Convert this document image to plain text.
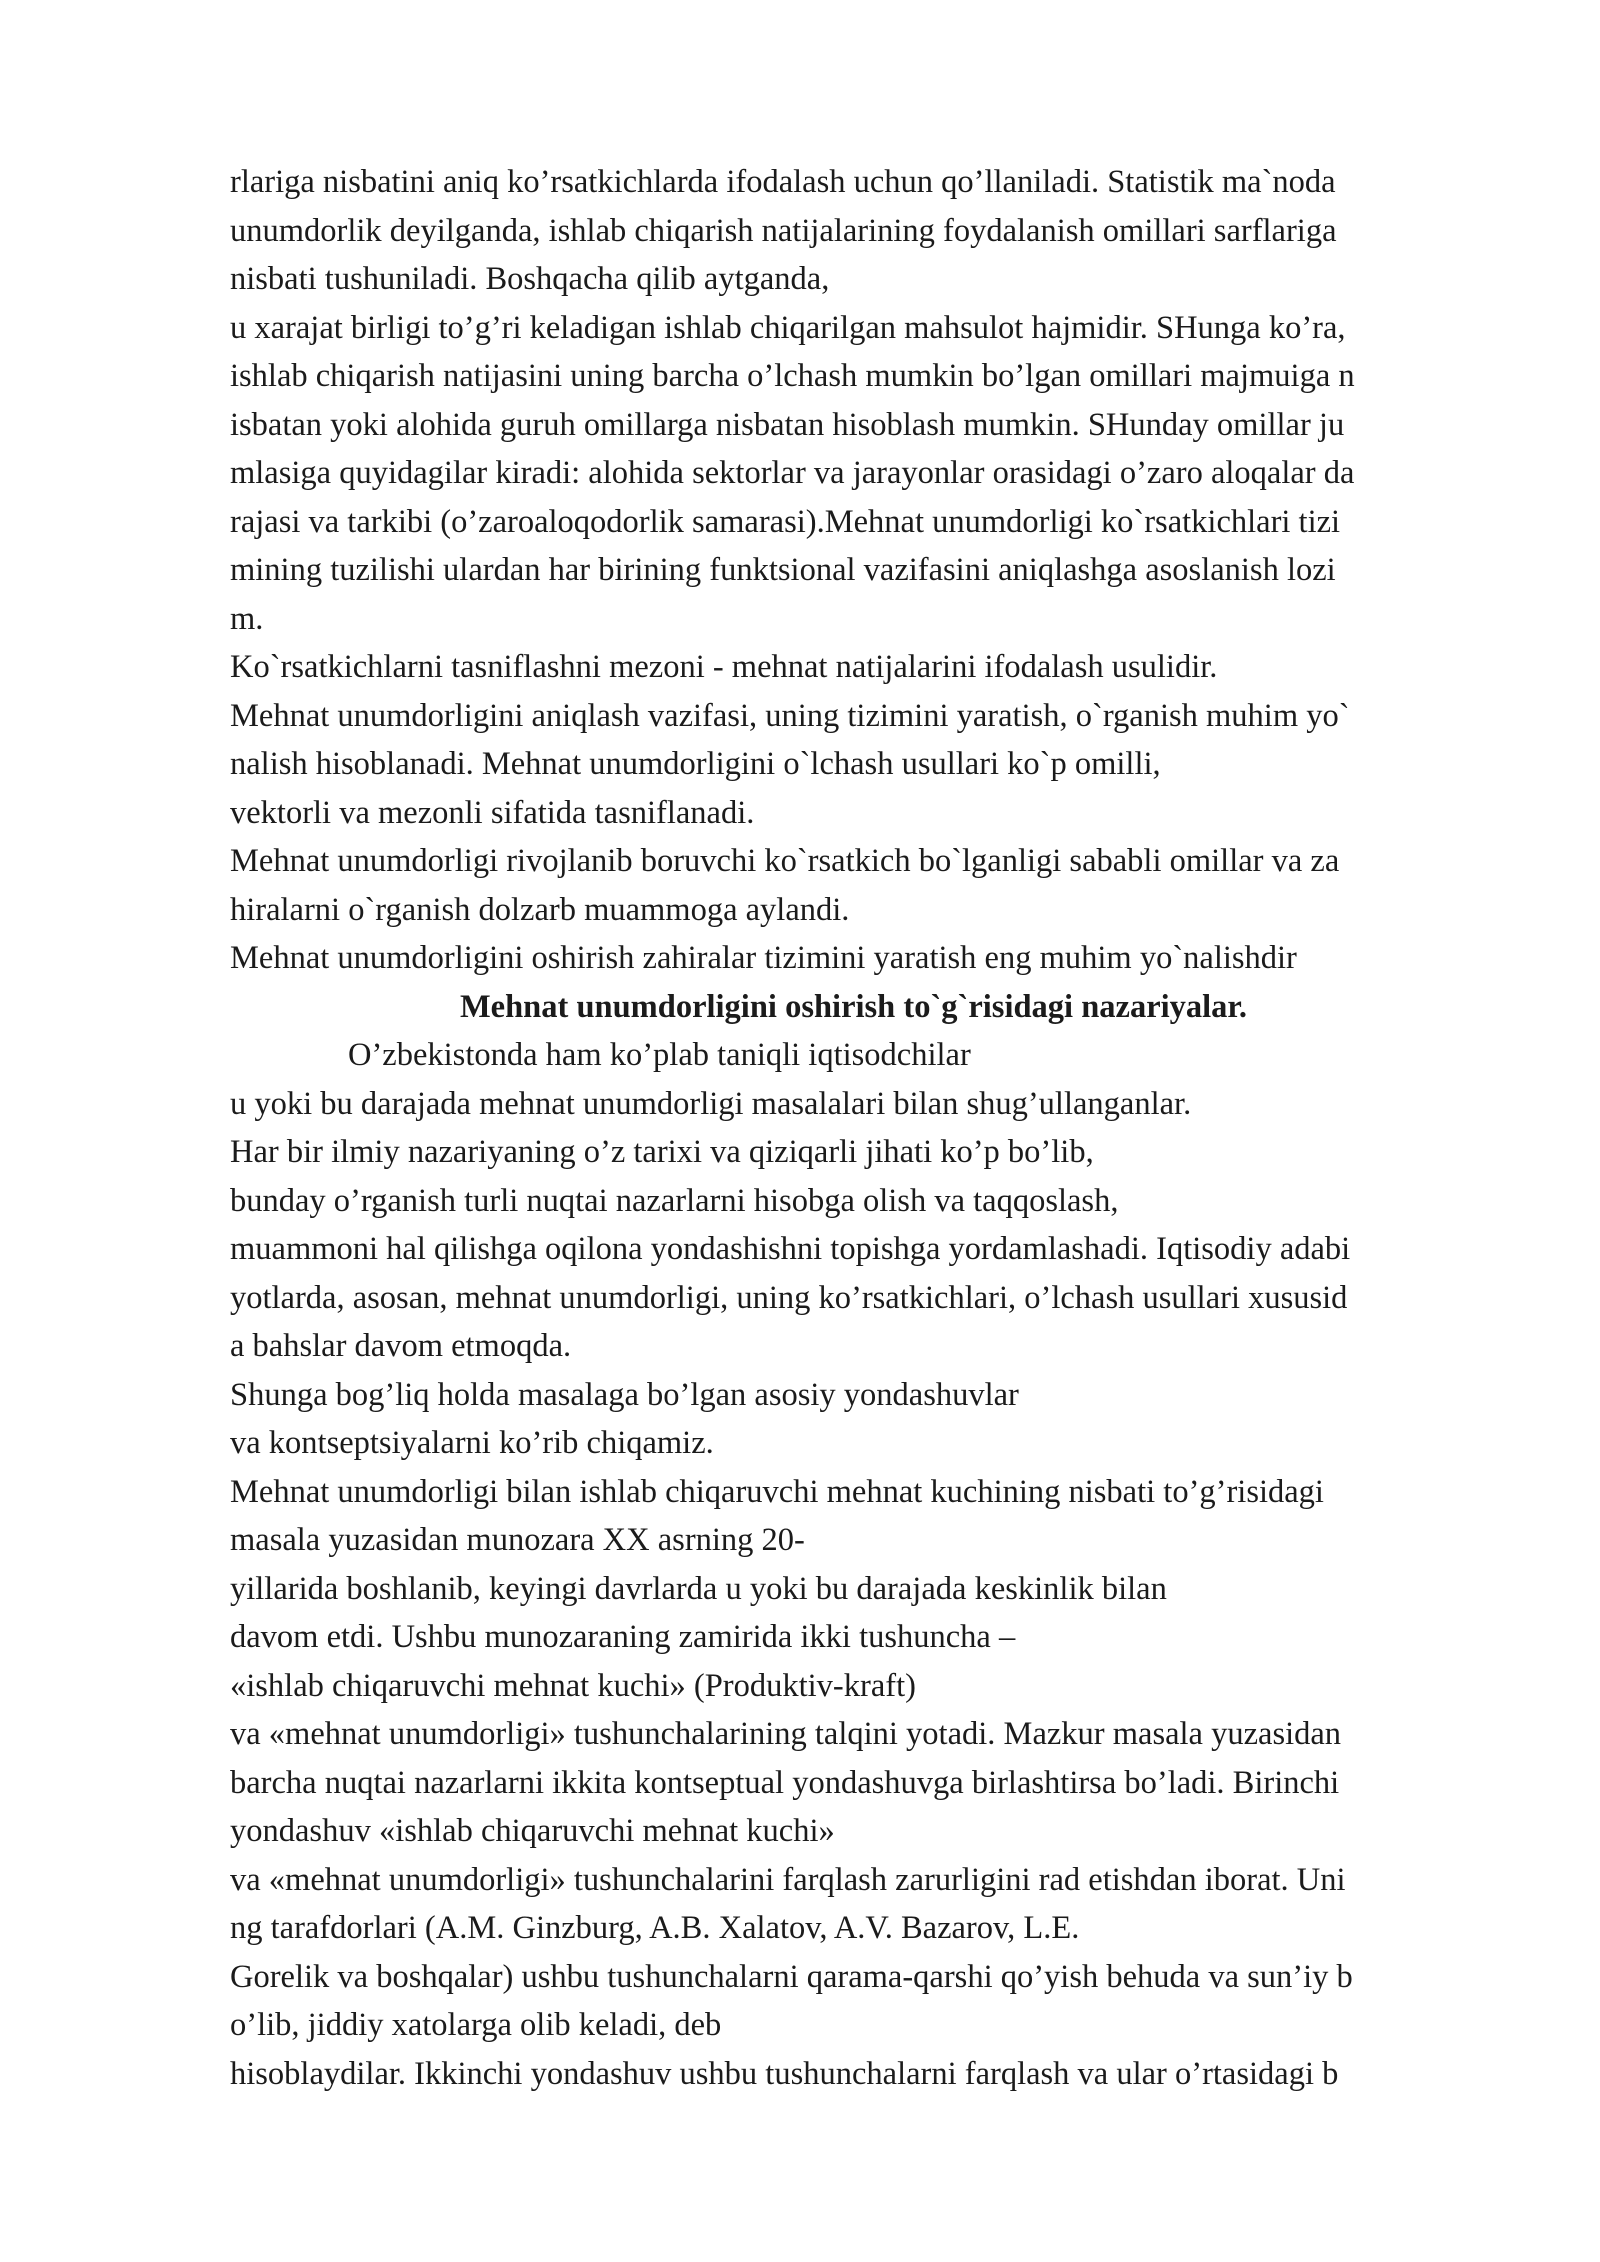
rlariga nisbatini aniq ko’rsatkichlarda ifodalash uchun qo’llaniladi. Statistik ma`noda
unumdorlik deyilganda, ishlab chiqarish natijalarining foydalanish omillari sarflariga
nisbati tushuniladi. Boshqacha qilib aytganda,
u xarajat birligi to’g’ri keladigan ishlab chiqarilgan mahsulot hajmidir. SHunga ko’ra,
ishlab chiqarish natijasini uning barcha o’lchash mumkin bo’lgan omillari majmuiga n
isbatan yoki alohida guruh omillarga nisbatan hisoblash mumkin. SHunday omillar ju
mlasiga quyidagilar kiradi: alohida sektorlar va jarayonlar orasidagi o’zaro aloqalar da
rajasi va tarkibi (o’zaroaloqodorlik samarasi).Mehnat unumdorligi ko`rsatkichlari tizi
mining tuzilishi ulardan har birining funktsional vazifasini aniqlashga asoslanish lozi
m.
Ko`rsatkichlarni tasniflashni mezoni - mehnat natijalarini ifodalash usulidir.
Mehnat unumdorligini aniqlash vazifasi, uning tizimini yaratish, o`rganish muhim yo`
nalish hisoblanadi. Mehnat unumdorligini o`lchash usullari ko`p omilli,
vektorli va mezonli sifatida tasniflanadi.
Mehnat unumdorligi rivojlanib boruvchi ko`rsatkich bo`lganligi sababli omillar va za
hiralarni o`rganish dolzarb muammoga aylandi.
Mehnat unumdorligini oshirish zahiralar tizimini yaratish eng muhim yo`nalishdir
Mehnat unumdorligini oshirish to`g`risidagi nazariyalar.
O’zbekistonda ham ko’plab taniqli iqtisodchilar
u yoki bu darajada mehnat unumdorligi masalalari bilan shug’ullanganlar.
Har bir ilmiy nazariyaning o’z tarixi va qiziqarli jihati ko’p bo’lib,
bunday o’rganish turli nuqtai nazarlarni hisobga olish va taqqoslash,
muammoni hal qilishga oqilona yondashishni topishga yordamlashadi. Iqtisodiy adabi
yotlarda, asosan, mehnat unumdorligi, uning ko’rsatkichlari, o’lchash usullari xususid
a bahslar davom etmoqda.
Shunga bog’liq holda masalaga bo’lgan asosiy yondashuvlar
va kontseptsiyalarni ko’rib chiqamiz.
Mehnat unumdorligi bilan ishlab chiqaruvchi mehnat kuchining nisbati to’g’risidagi
masala yuzasidan munozara XX asrning 20-
yillarida boshlanib, keyingi davrlarda u yoki bu darajada keskinlik bilan
davom etdi. Ushbu munozaraning zamirida ikki tushuncha –
«ishlab chiqaruvchi mehnat kuchi» (Produktiv-kraft)
va «mehnat unumdorligi» tushunchalarining talqini yotadi. Mazkur masala yuzasidan
barcha nuqtai nazarlarni ikkita kontseptual yondashuvga birlashtirsa bo’ladi. Birinchi
yondashuv «ishlab chiqaruvchi mehnat kuchi»
va «mehnat unumdorligi» tushunchalarini farqlash zarurligini rad etishdan iborat. Uni
ng tarafdorlari (A.M. Ginzburg, A.B. Xalatov, A.V. Bazarov, L.E.
Gorelik va boshqalar) ushbu tushunchalarni qarama-qarshi qo’yish behuda va sun’iy b
o’lib, jiddiy xatolarga olib keladi, deb
hisoblaydilar. Ikkinchi yondashuv ushbu tushunchalarni farqlash va ular o’rtasidagi b
